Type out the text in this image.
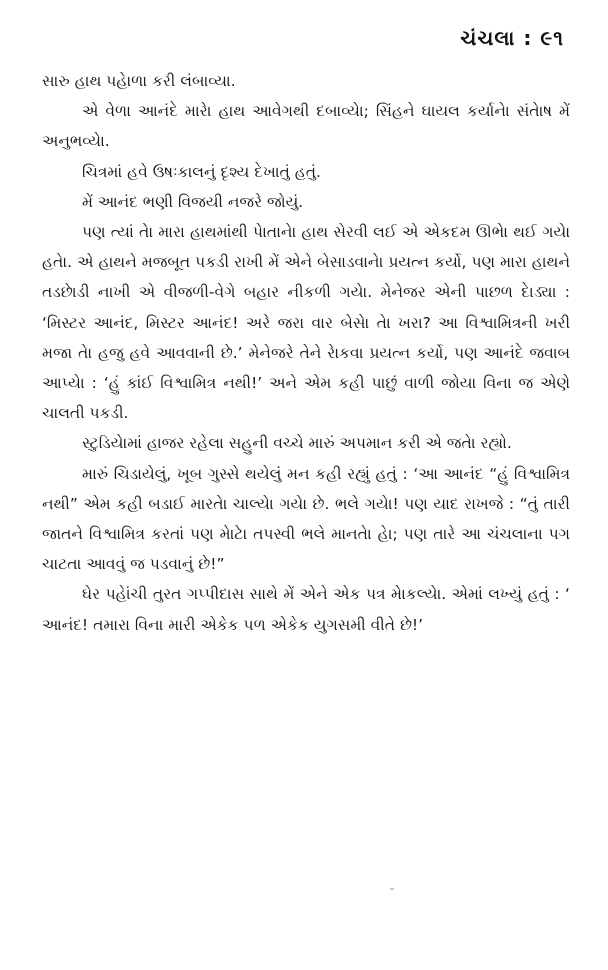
ચંચલા : ૯૧

સારુ હાથ પહેાળા કરી લંબાવ્યા.

એ વેળા આનંદે મારેા હાથ આવેગથી દબાવ્યેા; સિંહને ઘાયલ કર્યાનેા સંતેાષ મેં અનુભવ્યેા.

ચિત્રમાં હવે ઉષઃકાલનું દૃશ્ય દેખાતું હતું.

મેં આનંદ ભણી વિજયી નજરે જોયું.

પણ ત્યાં તેા મારા હાથમાંથી પેાતાનેા હાથ સેરવી લઈ એ એકદમ ઊભેા થઈ ગયેા હતેા. એ હાથને મજબૂત પકડી રાખી મેં એને બેસાડવાનેા પ્રયત્ન કર્યો, પણ મારા હાથને તડછેાડી નાખી એ વીજળી-વેગે બહાર નીકળી ગયેા. મેનેજર એની પાછળ દેાડ્યા : ‘મિસ્ટર આનંદ, મિસ્ટર આનંદ! અરે જરા વાર બેસેા તેા ખરા? આ વિશ્વામિત્રની ખરી મજા તેા હજુ હવે આવવાની છે.’ મેનેજરે તેને રેાકવા પ્રયત્ન કર્યો, પણ આનંદે જવાબ આપ્યેા : ‘હું કાંઈ વિશ્વામિત્ર નથી!’ અને એમ કહી પાછું વાળી જોયા વિના જ એણે ચાલતી પકડી.

સ્ટુડિયેામાં હાજર રહેલા સહુની વચ્ચે મારું અપમાન કરી એ જતેા રહ્યો.

મારું ચિડાયેલું, ખૂબ ગુસ્સે થયેલું મન કહી રહ્યું હતું : ‘આ આનંદ “હું વિશ્વામિત્ર નથી” એમ કહી બડાઈ મારતેા ચાલ્યેા ગયેા છે. ભલે ગયેા! પણ યાદ રાખજે : “તું તારી જાતને વિશ્વામિત્ર કરતાં પણ મેાટેા તપસ્વી ભલે માનતેા હેા; પણ તારે આ ચંચલાના પગ ચાટતા આવવું જ પડવાનું છે!”

ઘેર પહેાંચી તુરત ગપ્પીદાસ સાથે મેં એને એક પત્ર મેાકલ્યેા. એમાં લખ્યું હતું : ‘ આનંદ! તમારા વિના મારી એકેક પળ એકેક યુગસમી વીતે છે!’
